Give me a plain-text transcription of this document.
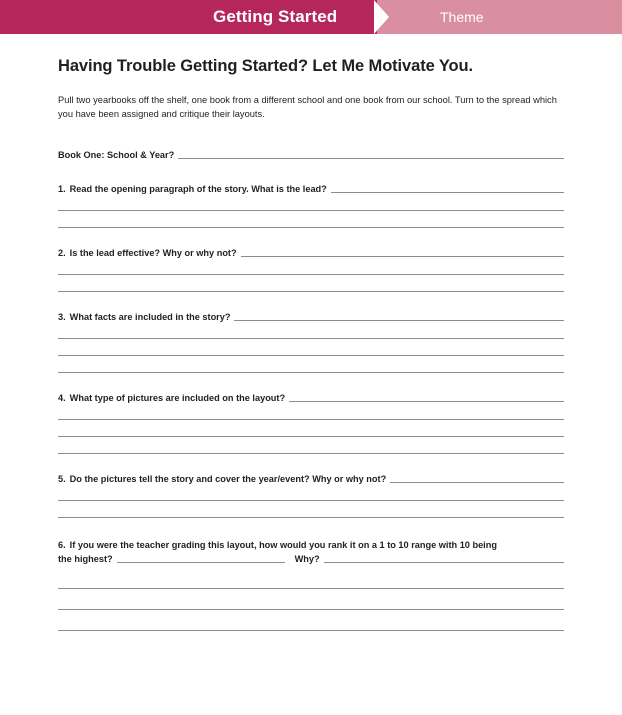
Getting Started	Theme
Having Trouble Getting Started? Let Me Motivate You.

Pull two yearbooks off the shelf, one book from a different school and one book from our school. Turn to the spread which you have been assigned and critique their layouts.

Book One: School & Year?
1. Read the opening paragraph of the story. What is the lead?
2. Is the lead effective? Why or why not?
3. What facts are included in the story?
4. What type of pictures are included on the layout?
5. Do the pictures tell the story and cover the year/event? Why or why not?
6. If you were the teacher grading this layout, how would you rank it on a 1 to 10 range with 10 being
the highest?	Why?
